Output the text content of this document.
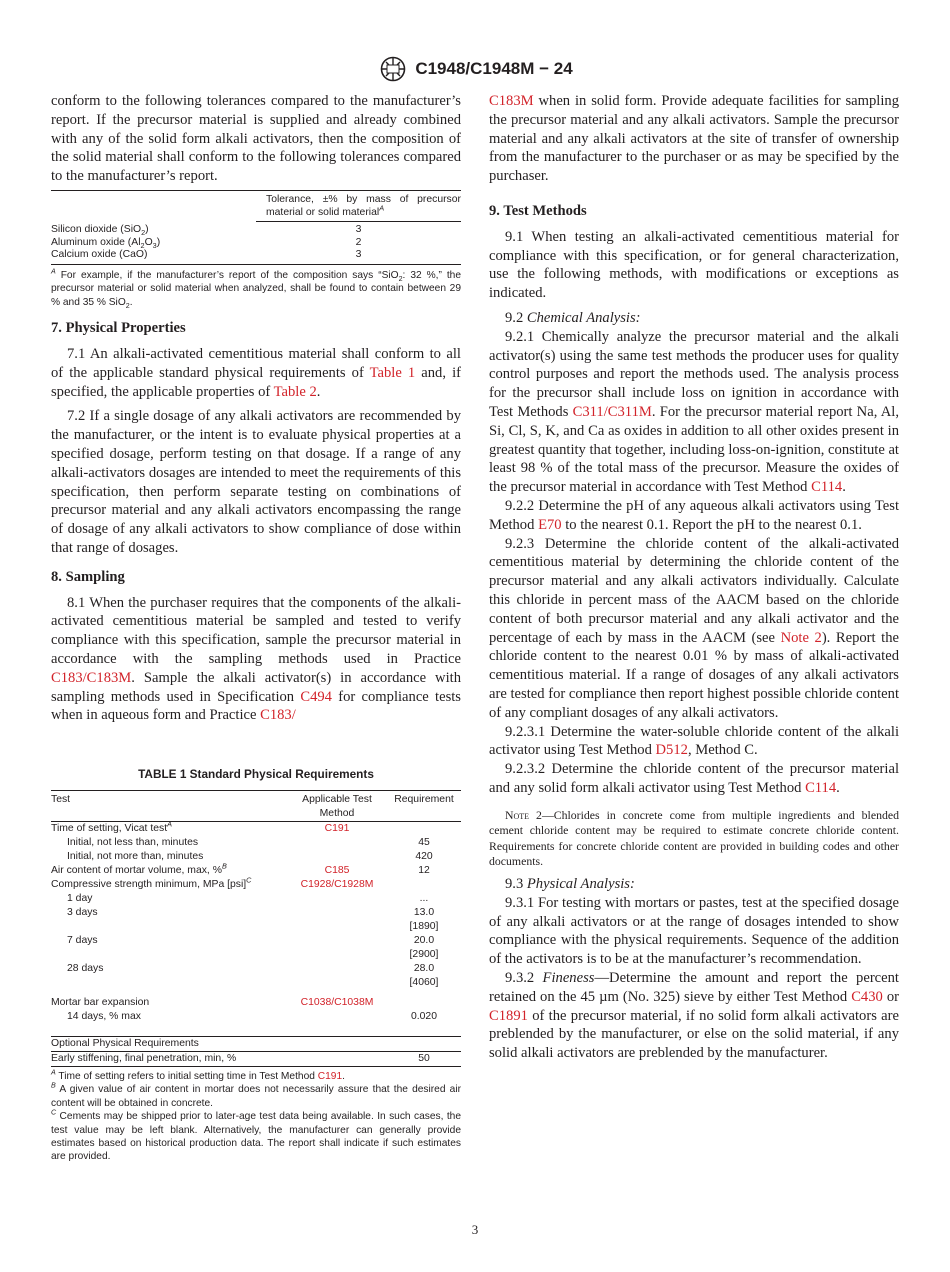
C1948/C1948M − 24

conform to the following tolerances compared to the manufacturer’s report. If the precursor material is supplied and already combined with any of the solid form alkali activators, then the composition of the solid material shall conform to the following tolerances compared to the manufacturer’s report.

	Tolerance, ±% by mass of precursor material or solid material$^A$
Silicon dioxide (SiO$_2$)	3
Aluminum oxide $(Al_2O_3)$	2
Calcium oxide (CaO)	3

$^A$ For example, if the manufacturer’s report of the composition says “SiO$_2$: 32 %,” the precursor material or solid material when analyzed, shall be found to contain between 29 % and 35 % SiO$_2$.

7. Physical Properties

7.1 An alkali-activated cementitious material shall conform to all of the applicable standard physical requirements of Table 1 and, if specified, the applicable properties of Table 2.

7.2 If a single dosage of any alkali activators are recommended by the manufacturer, or the intent is to evaluate physical properties at a specified dosage, perform testing on that dosage. If a range of any alkali-activators dosages are intended to meet the requirements of this specification, then perform separate testing on combinations of precursor material and any alkali activators encompassing the range of dosage of any alkali activators to show compliance of dose within that range of dosages.

8. Sampling

8.1 When the purchaser requires that the components of the alkali-activated cementitious material be sampled and tested to verify compliance with this specification, sample the precursor material in accordance with the sampling methods used in Practice C183/C183M. Sample the alkali activator(s) in accordance with sampling methods used in Specification C494 for compliance tests when in aqueous form and Practice C183/

TABLE 1 Standard Physical Requirements

Test	Applicable Test Method	Requirement
Time of setting, Vicat test$^A$	C191	
Initial, not less than, minutes		45
Initial, not more than, minutes		420
Air content of mortar volume, max, %$^B$	C185	12
Compressive strength minimum, MPa [psi]$^C$	C1928/C1928M	
1 day		...
3 days		13.0
[1890]

7 days		20.0
[2900]

28 days		28.0
[4060]

Mortar bar expansion	C1038/C1038M	
14 days, % max		0.020
Optional Physical Requirements		
Early stiffening, final penetration, min, %		50

$^A$ Time of setting refers to initial setting time in Test Method C191.

$^B$ A given value of air content in mortar does not necessarily assure that the desired air content will be obtained in concrete.

$^C$ Cements may be shipped prior to later-age test data being available. In such cases, the test value may be left blank. Alternatively, the manufacturer can generally provide estimates based on historical production data. The report shall indicate if such estimates are provided.

C183M when in solid form. Provide adequate facilities for sampling the precursor material and any alkali activators. Sample the precursor material and any alkali activators at the site of transfer of ownership from the manufacturer to the purchaser or as may be specified by the purchaser.

9. Test Methods

9.1 When testing an alkali-activated cementitious material for compliance with this specification, or for general characterization, use the following methods, with modifications or exceptions as indicated.

9.2 Chemical Analysis:

9.2.1 Chemically analyze the precursor material and the alkali activator(s) using the same test methods the producer uses for quality control purposes and report the methods used. The analysis process for the precursor shall include loss on ignition in accordance with Test Methods C311/C311M. For the precursor material report Na, Al, Si, Cl, S, K, and Ca as oxides in addition to all other oxides present in greatest quantity that together, including loss-on-ignition, constitute at least 98 % of the total mass of the precursor. Measure the oxides of the precursor material in accordance with Test Method C114.

9.2.2 Determine the pH of any aqueous alkali activators using Test Method E70 to the nearest 0.1. Report the pH to the nearest 0.1.

9.2.3 Determine the chloride content of the alkali-activated cementitious material by determining the chloride content of the precursor material and any alkali activators individually. Calculate this chloride in percent mass of the AACM based on the chloride content of both precursor material and any alkali activator and the percentage of each by mass in the AACM (see Note 2). Report the chloride content to the nearest 0.01 % by mass of alkali-activated cementitious material. If a range of dosages of any alkali activators are tested for compliance then report highest possible chloride content of any compliant dosages of any alkali activators.

9.2.3.1 Determine the water-soluble chloride content of the alkali activator using Test Method D512, Method C.

9.2.3.2 Determine the chloride content of the precursor material and any solid form alkali activator using Test Method C114.

Note 2—Chlorides in concrete come from multiple ingredients and blended cement chloride content may be required to estimate concrete chloride content. Requirements for concrete chloride content are provided in building codes and other documents.

9.3 Physical Analysis:

9.3.1 For testing with mortars or pastes, test at the specified dosage of any alkali activators or at the range of dosages intended to show compliance with the physical requirements. Sequence of the addition of the activators is to be at the manufacturer’s recommendation.

9.3.2 Fineness—Determine the amount and report the percent retained on the 45 µm (No. 325) sieve by either Test Method C430 or C1891 of the precursor material, if no solid form alkali activators are preblended by the manufacturer, or else on the solid material, if any solid alkali activators are preblended by the manufacturer.

3
